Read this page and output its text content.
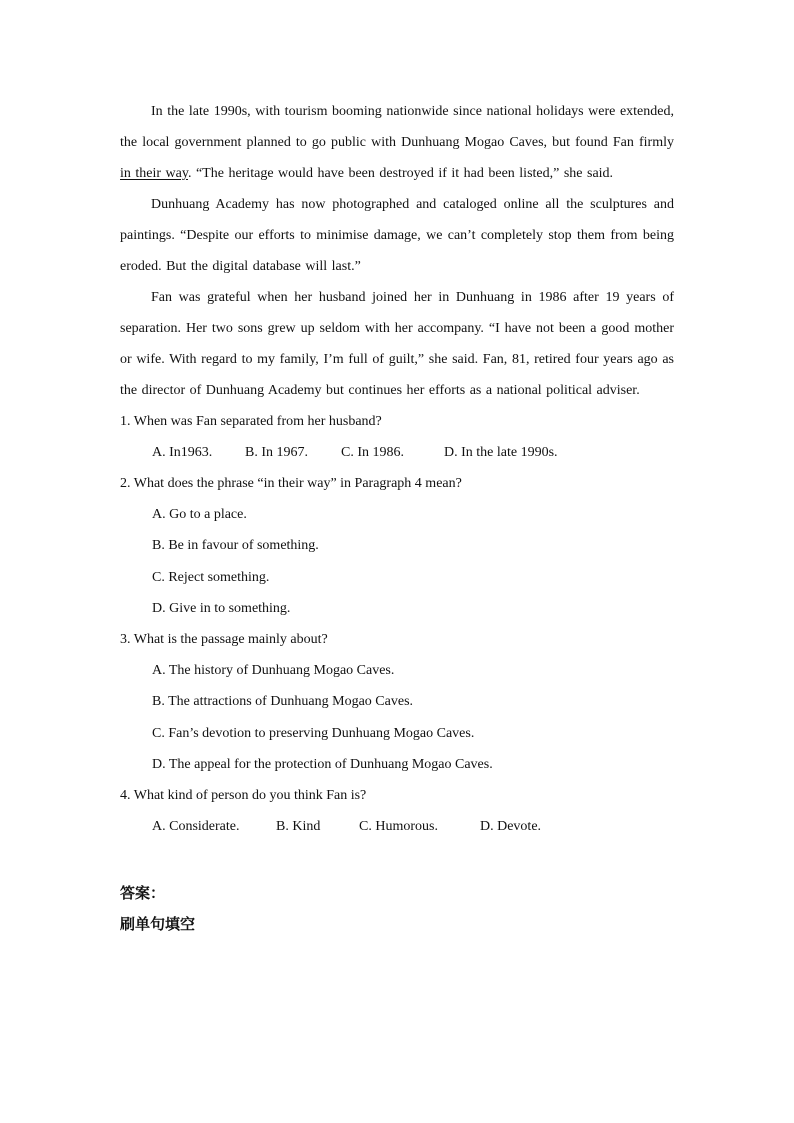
In the late 1990s, with tourism booming nationwide since national holidays were extended, the local government planned to go public with Dunhuang Mogao Caves, but found Fan firmly in their way. “The heritage would have been destroyed if it had been listed,” she said.

Dunhuang Academy has now photographed and cataloged online all the sculptures and paintings. “Despite our efforts to minimise damage, we can’t completely stop them from being eroded. But the digital database will last.”

Fan was grateful when her husband joined her in Dunhuang in 1986 after 19 years of separation. Her two sons grew up seldom with her accompany. “I have not been a good mother or wife. With regard to my family, I’m full of guilt,” she said. Fan, 81, retired four years ago as the director of Dunhuang Academy but continues her efforts as a national political adviser.

1. When was Fan separated from her husband?

A. In1963.	B. In 1967.	C. In 1986.	D. In the late 1990s.

2. What does the phrase “in their way” in Paragraph 4 mean?

A. Go to a place.

B. Be in favour of something.

C. Reject something.

D. Give in to something.

3. What is the passage mainly about?

A. The history of Dunhuang Mogao Caves.

B. The attractions of Dunhuang Mogao Caves.

C. Fan’s devotion to preserving Dunhuang Mogao Caves.

D. The appeal for the protection of Dunhuang Mogao Caves.

4. What kind of person do you think Fan is?

A. Considerate.	B. Kind	C. Humorous.	D. Devote.

答案：

刷单句填空
